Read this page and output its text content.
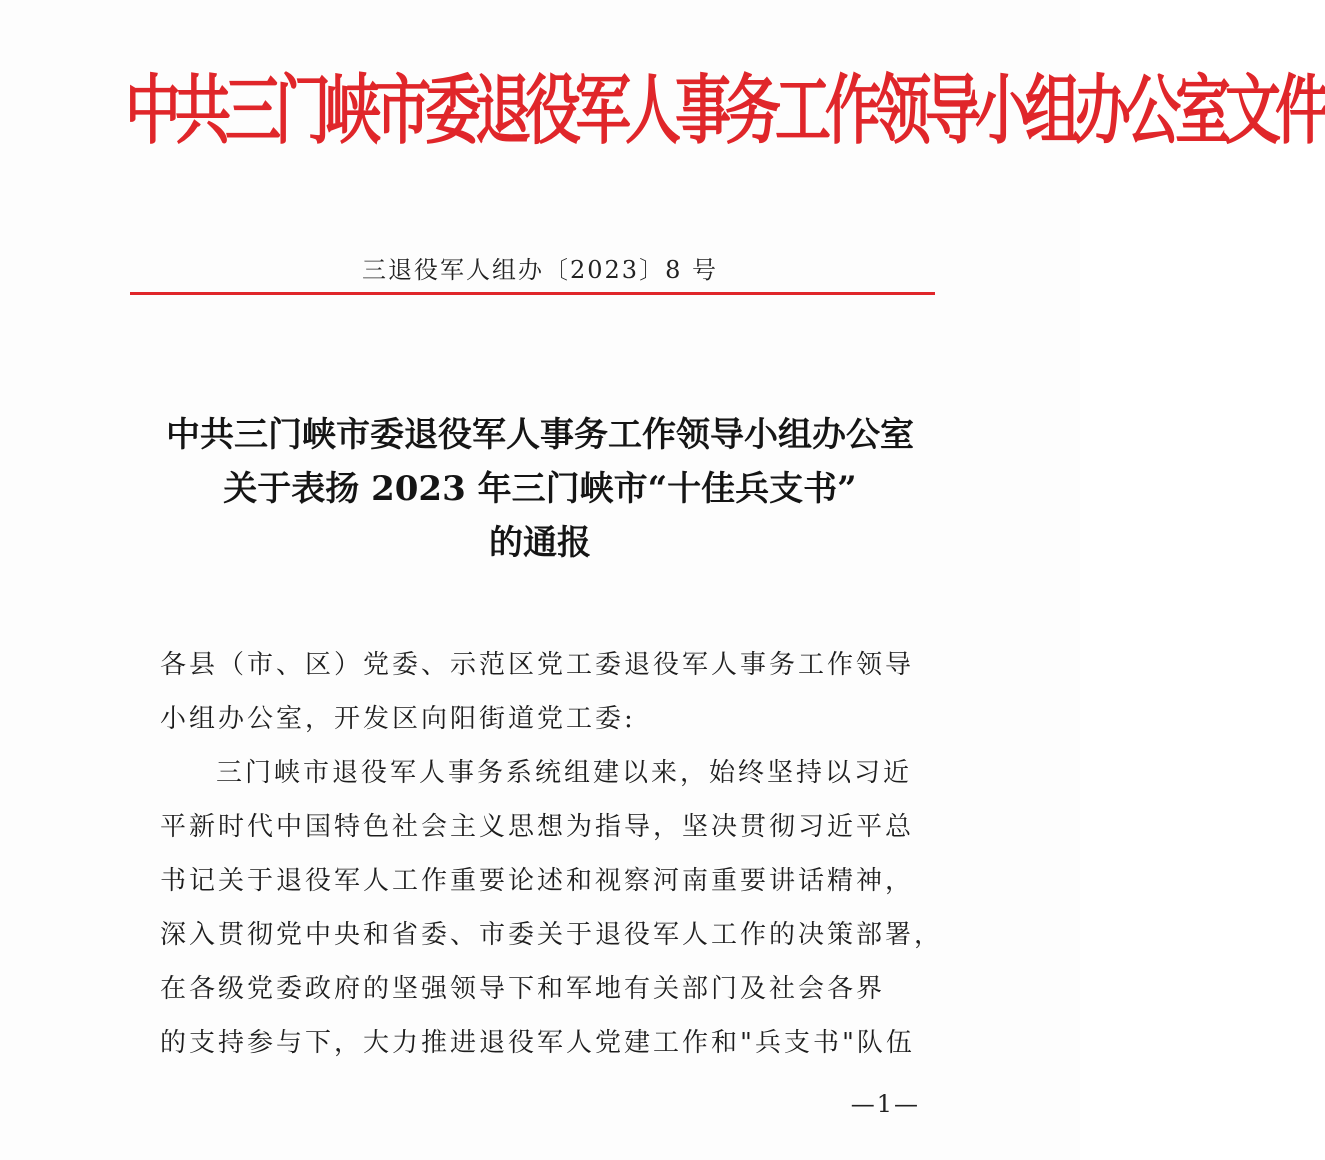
中共三门峡市委退役军人事务工作领导小组办公室文件
三退役军人组办〔2023〕8 号
中共三门峡市委退役军人事务工作领导小组办公室
关于表扬 2023 年三门峡市“十佳兵支书”
的通报
各县（市、区）党委、示范区党工委退役军人事务工作领导
小组办公室，开发区向阳街道党工委:
三门峡市退役军人事务系统组建以来，始终坚持以习近
平新时代中国特色社会主义思想为指导，坚决贯彻习近平总
书记关于退役军人工作重要论述和视察河南重要讲话精神，
深入贯彻党中央和省委、市委关于退役军人工作的决策部署，
在各级党委政府的坚强领导下和军地有关部门及社会各界
的支持参与下，大力推进退役军人党建工作和"兵支书"队伍
—1—
